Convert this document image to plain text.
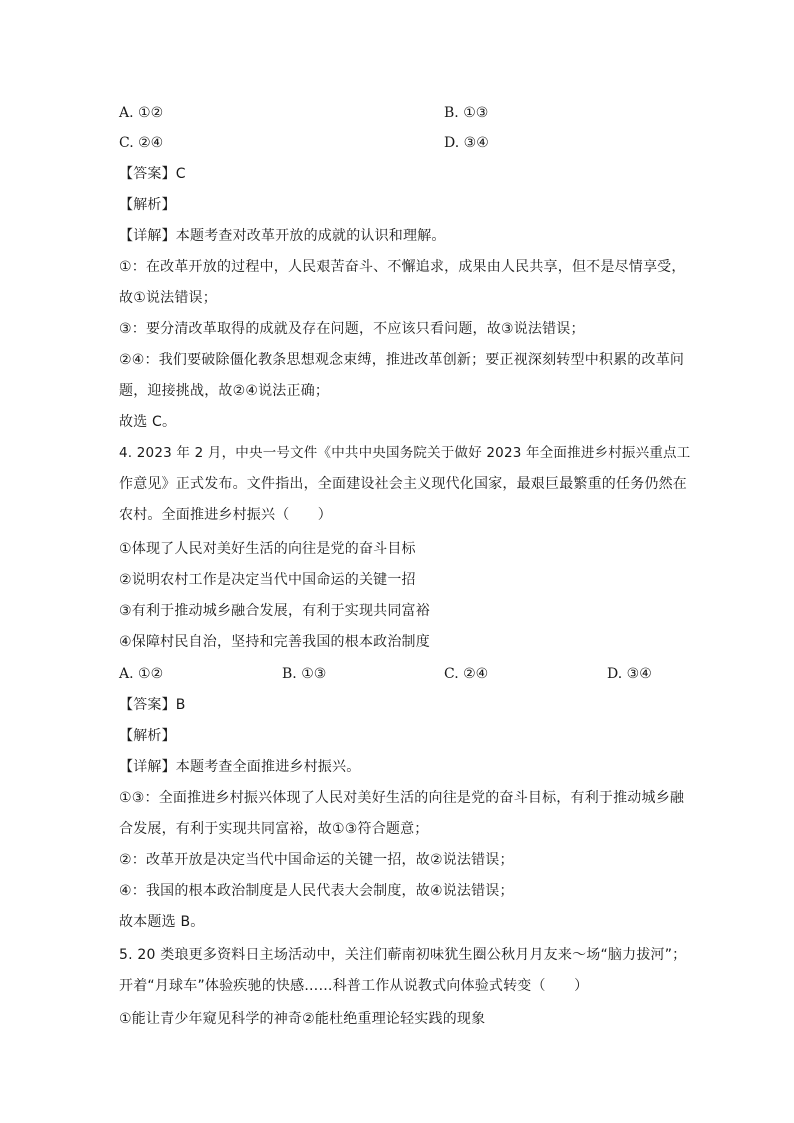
A. ①②	B. ①③
C. ②④	D. ③④
【答案】C
【解析】
【详解】本题考查对改革开放的成就的认识和理解。
①：在改革开放的过程中，人民艰苦奋斗、不懈追求，成果由人民共享，但不是尽情享受，
故①说法错误；
③：要分清改革取得的成就及存在问题，不应该只看问题，故③说法错误；
②④：我们要破除僵化教条思想观念束缚，推进改革创新；要正视深刻转型中积累的改革问
题，迎接挑战，故②④说法正确；
故选 C。
4. 2023 年 2 月，中央一号文件《中共中央国务院关于做好 2023 年全面推进乡村振兴重点工
作意见》正式发布。文件指出，全面建设社会主义现代化国家，最艰巨最繁重的任务仍然在
农村。全面推进乡村振兴（　　）
①体现了人民对美好生活的向往是党的奋斗目标
②说明农村工作是决定当代中国命运的关键一招
③有利于推动城乡融合发展，有利于实现共同富裕
④保障村民自治，坚持和完善我国的根本政治制度
A. ①②	B. ①③	C. ②④	D. ③④
【答案】B
【解析】
【详解】本题考查全面推进乡村振兴。
①③：全面推进乡村振兴体现了人民对美好生活的向往是党的奋斗目标，有利于推动城乡融
合发展，有利于实现共同富裕，故①③符合题意；
②：改革开放是决定当代中国命运的关键一招，故②说法错误；
④：我国的根本政治制度是人民代表大会制度，故④说法错误；
故本题选 B。
5. 20 类琅更多资料日主场活动中，关注们蕲南初味犹生圈公秋月月友来〜场“脑力拔河”；
开着“月球车”体验疾驰的快感……科普工作从说教式向体验式转变（　　）
①能让青少年窥见科学的神奇②能杜绝重理论轻实践的现象
